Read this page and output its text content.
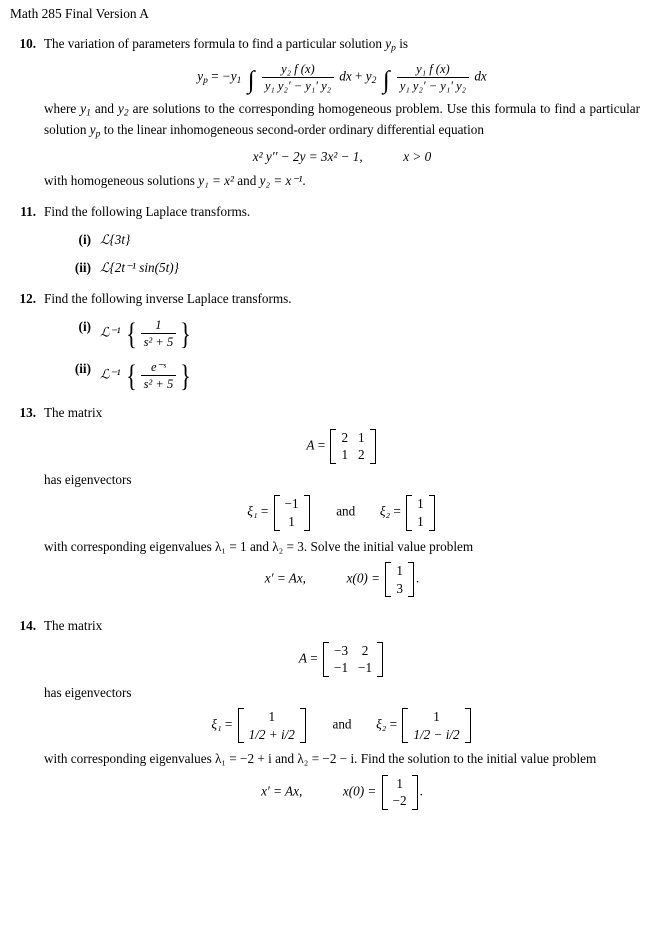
Math 285 Final Version A
10. The variation of parameters formula to find a particular solution $y_p$ is
$y_p = -y_1$ ∫ $\frac{\text{y₂ f (x)}}{\text{y₁ y₂′ − y₁′ y₂}}$ dx + $y_2$ ∫ $\frac{\text{y₁ f (x)}}{\text{y₁ y₂′ − y₁′ y₂}}$ dx
where $y_1$ and $y_2$ are solutions to the corresponding homogeneous problem. Use this formula to find a particular solution $y_p$ to the linear inhomogeneous second-order ordinary differential equation
x² y′′ − 2y = 3x² − 1,	x > 0
with homogeneous solutions y₁ = x² and y₂ = x⁻¹.
11. Find the following Laplace transforms.
(i) ℒ{3t}
(ii) ℒ{2t⁻¹ sin(5t)}
12. Find the following inverse Laplace transforms.
(i) ℒ⁻¹ { $\frac{1}{\text{s² + 5}}$ }
(ii) ℒ⁻¹ { $\frac{\text{e⁻ˢ}}{\text{s² + 5}}$ }
13. The matrix
A =
2	1
1	2
has eigenvectors
ξ₁ =
−1
1
and ξ₂ =
1
1
with corresponding eigenvalues λ₁ = 1 and λ₂ = 3. Solve the initial value problem
x′ = Ax,	x(0) =
1
3
.
14. The matrix
A =
−3	2
−1	−1
has eigenvectors
ξ₁ =
1
1/2 + i/2
and ξ₂ =
1
1/2 − i/2
with corresponding eigenvalues λ₁ = −2 + i and λ₂ = −2 − i. Find the solution to the initial value problem
x′ = Ax,	x(0) =
1
−2
.
